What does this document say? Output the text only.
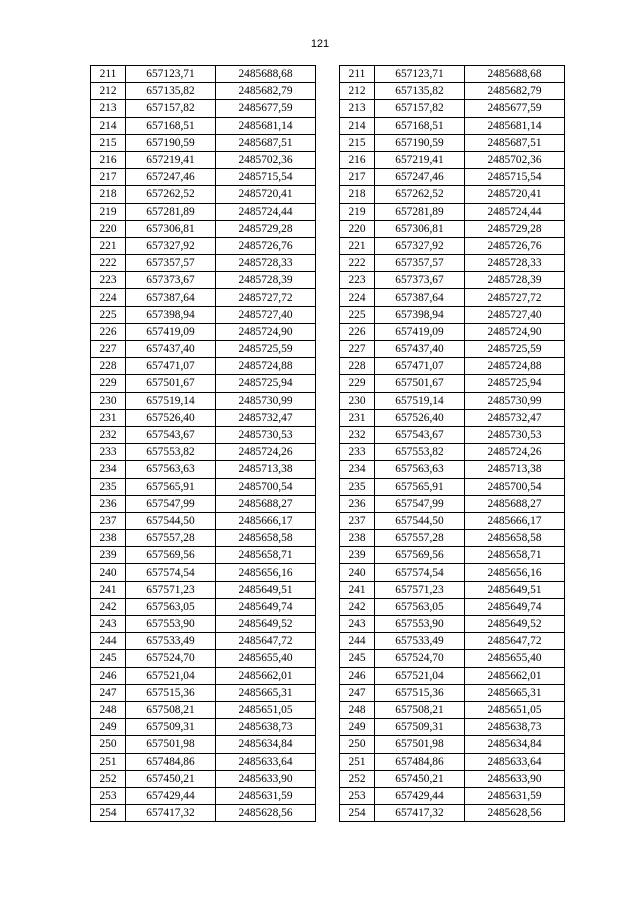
121
211	657123,71	2485688,68
212	657135,82	2485682,79
213	657157,82	2485677,59
214	657168,51	2485681,14
215	657190,59	2485687,51
216	657219,41	2485702,36
217	657247,46	2485715,54
218	657262,52	2485720,41
219	657281,89	2485724,44
220	657306,81	2485729,28
221	657327,92	2485726,76
222	657357,57	2485728,33
223	657373,67	2485728,39
224	657387,64	2485727,72
225	657398,94	2485727,40
226	657419,09	2485724,90
227	657437,40	2485725,59
228	657471,07	2485724,88
229	657501,67	2485725,94
230	657519,14	2485730,99
231	657526,40	2485732,47
232	657543,67	2485730,53
233	657553,82	2485724,26
234	657563,63	2485713,38
235	657565,91	2485700,54
236	657547,99	2485688,27
237	657544,50	2485666,17
238	657557,28	2485658,58
239	657569,56	2485658,71
240	657574,54	2485656,16
241	657571,23	2485649,51
242	657563,05	2485649,74
243	657553,90	2485649,52
244	657533,49	2485647,72
245	657524,70	2485655,40
246	657521,04	2485662,01
247	657515,36	2485665,31
248	657508,21	2485651,05
249	657509,31	2485638,73
250	657501,98	2485634,84
251	657484,86	2485633,64
252	657450,21	2485633,90
253	657429,44	2485631,59
254	657417,32	2485628,56
211	657123,71	2485688,68
212	657135,82	2485682,79
213	657157,82	2485677,59
214	657168,51	2485681,14
215	657190,59	2485687,51
216	657219,41	2485702,36
217	657247,46	2485715,54
218	657262,52	2485720,41
219	657281,89	2485724,44
220	657306,81	2485729,28
221	657327,92	2485726,76
222	657357,57	2485728,33
223	657373,67	2485728,39
224	657387,64	2485727,72
225	657398,94	2485727,40
226	657419,09	2485724,90
227	657437,40	2485725,59
228	657471,07	2485724,88
229	657501,67	2485725,94
230	657519,14	2485730,99
231	657526,40	2485732,47
232	657543,67	2485730,53
233	657553,82	2485724,26
234	657563,63	2485713,38
235	657565,91	2485700,54
236	657547,99	2485688,27
237	657544,50	2485666,17
238	657557,28	2485658,58
239	657569,56	2485658,71
240	657574,54	2485656,16
241	657571,23	2485649,51
242	657563,05	2485649,74
243	657553,90	2485649,52
244	657533,49	2485647,72
245	657524,70	2485655,40
246	657521,04	2485662,01
247	657515,36	2485665,31
248	657508,21	2485651,05
249	657509,31	2485638,73
250	657501,98	2485634,84
251	657484,86	2485633,64
252	657450,21	2485633,90
253	657429,44	2485631,59
254	657417,32	2485628,56
